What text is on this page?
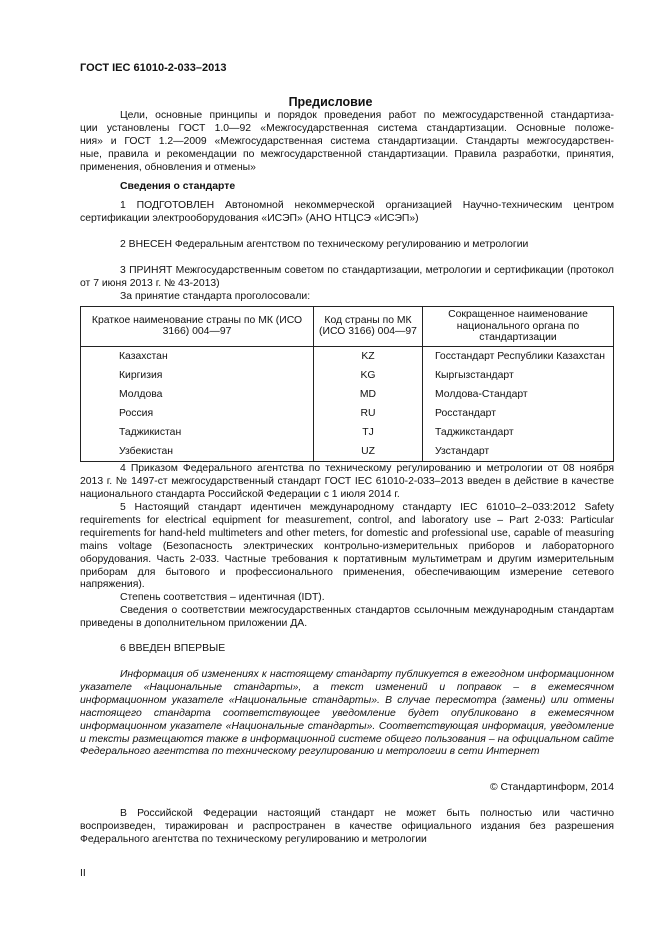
ГОСТ IEC 61010-2-033–2013
Предисловие
Цели, основные принципы и порядок проведения работ по межгосударственной стандартиза-
ции установлены ГОСТ 1.0—92 «Межгосударственная система стандартизации. Основные положе-
ния» и ГОСТ 1.2—2009 «Межгосударственная система стандартизации. Стандарты межгосударствен-
ные, правила и рекомендации по межгосударственной стандартизации. Правила разработки, принятия,
применения, обновления и отмены»
Сведения о стандарте
1 ПОДГОТОВЛЕН Автономной некоммерческой организацией Научно-техническим центром сертификации электрооборудования «ИСЭП» (АНО НТЦСЭ «ИСЭП»)
2 ВНЕСЕН Федеральным агентством по техническому регулированию и метрологии
3 ПРИНЯТ Межгосударственным советом по стандартизации, метрологии и сертификации (протокол от 7 июня 2013 г. № 43-2013)
За принятие стандарта проголосовали:
Краткое наименование страны по МК (ИСО 3166) 004—97	Код страны по МК (ИСО 3166) 004—97	Сокращенное наименование национального органа по стандартизации
Казахстан	KZ	Госстандарт Республики Казахстан
Киргизия	KG	Кыргызстандарт
Молдова	MD	Молдова-Стандарт
Россия	RU	Росстандарт
Таджикистан	TJ	Таджикстандарт
Узбекистан	UZ	Узстандарт
4 Приказом Федерального агентства по техническому регулированию и метрологии от 08 ноября 2013 г. № 1497-ст межгосударственный стандарт ГОСТ IEC 61010-2-033–2013 введен в действие в качестве национального стандарта Российской Федерации с 1 июля 2014 г.
5 Настоящий стандарт идентичен международному стандарту IEC 61010–2–033:2012 Safety requirements for electrical equipment for measurement, control, and laboratory use – Part 2-033: Particular requirements for hand-held multimeters and other meters, for domestic and professional use, capable of measuring mains voltage (Безопасность электрических контрольно-измерительных приборов и лабораторного оборудования. Часть 2-033. Частные требования к портативным мультиметрам и другим измерительным приборам для бытового и профессионального применения, обеспечивающим измерение сетевого напряжения).
Степень соответствия – идентичная (IDT).
Сведения о соответствии межгосударственных стандартов ссылочным международным стандартам приведены в дополнительном приложении ДА.
6 ВВЕДЕН ВПЕРВЫЕ
Информация об изменениях к настоящему стандарту публикуется в ежегодном информационном указателе «Национальные стандарты», а текст изменений и поправок – в ежемесячном информационном указателе «Национальные стандарты». В случае пересмотра (замены) или отмены настоящего стандарта соответствующее уведомление будет опубликовано в ежемесячном информационном указателе «Национальные стандарты». Соответствующая информация, уведомление и тексты размещаются также в информационной системе общего пользования – на официальном сайте Федерального агентства по техническому регулированию и метрологии в сети Интернет
© Стандартинформ, 2014
В Российской Федерации настоящий стандарт не может быть полностью или частично воспроизведен, тиражирован и распространен в качестве официального издания без разрешения Федерального агентства по техническому регулированию и метрологии
II
